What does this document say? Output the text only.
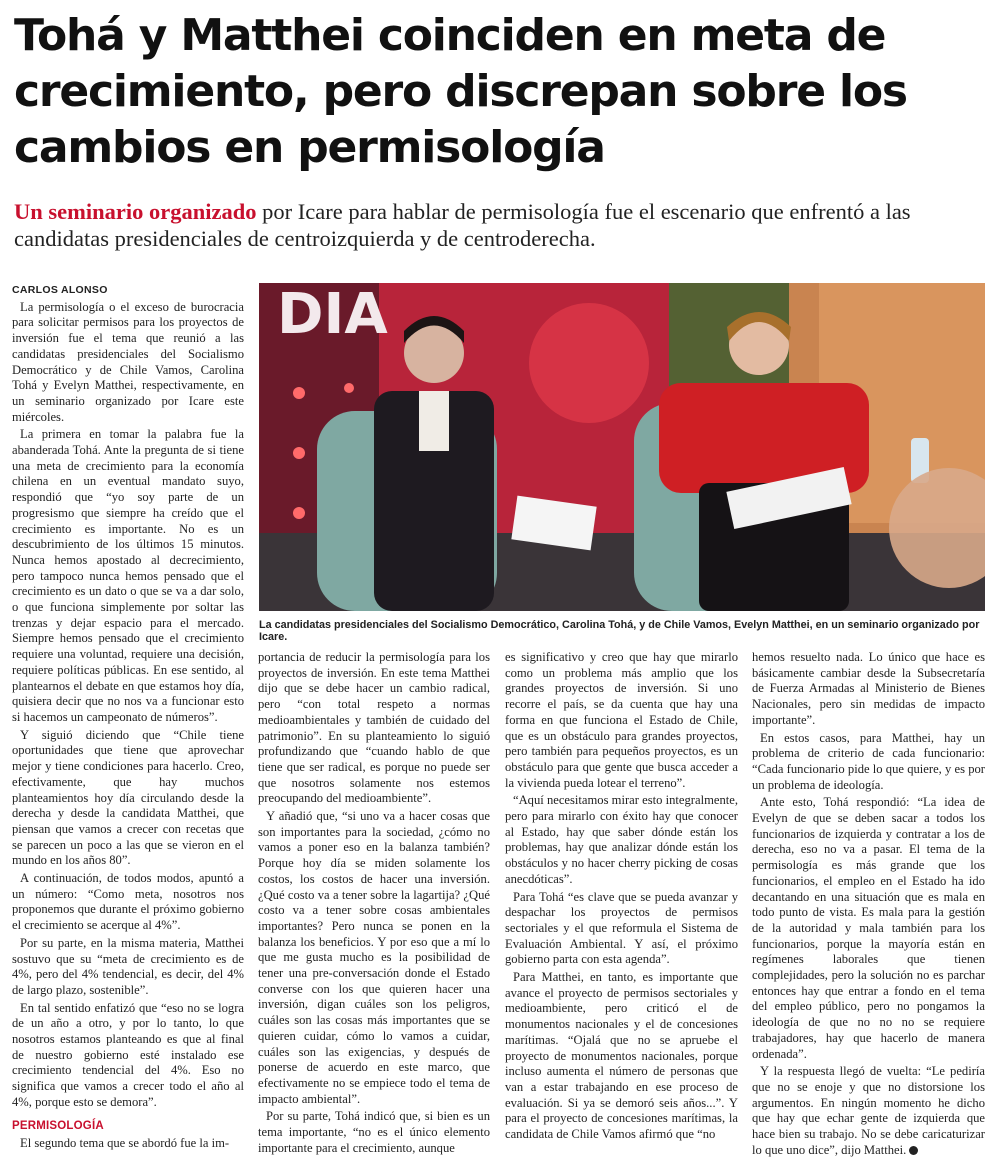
Tohá y Matthei coinciden en meta de crecimiento, pero discrepan sobre los cambios en permisología

Un seminario organizado por Icare para hablar de permisología fue el escenario que enfrentó a las candidatas presidenciales de centroizquierda y de centroderecha.

CARLOS ALONSO

La permisología o el exceso de burocracia para solicitar permisos para los proyectos de inversión fue el tema que reunió a las candidatas presidenciales del Socialismo Democrático y de Chile Vamos, Carolina Tohá y Evelyn Matthei, respectivamente, en un seminario organizado por Icare este miércoles.

La primera en tomar la palabra fue la abanderada Tohá. Ante la pregunta de si tiene una meta de crecimiento para la economía chilena en un eventual mandato suyo, respondió que “yo soy parte de un progresismo que siempre ha creído que el crecimiento es importante. No es un descubrimiento de los últimos 15 minutos. Nunca hemos apostado al decrecimiento, pero tampoco nunca hemos pensado que el crecimiento es un dato o que se va a dar solo, o que funciona simplemente por soltar las trenzas y dejar espacio para el mercado. Siempre hemos pensado que el crecimiento requiere una voluntad, requiere una decisión, requiere políticas públicas. En ese sentido, al plantearnos el debate en que estamos hoy día, quisiera decir que no nos va a funcionar esto si hacemos un campeonato de números”.

Y siguió diciendo que “Chile tiene oportunidades que tiene que aprovechar mejor y tiene condiciones para hacerlo. Creo, efectivamente, que hay muchos planteamientos hoy día circulando desde la derecha y desde la candidata Matthei, que piensan que vamos a crecer con recetas que se parecen un poco a las que se vieron en el mundo en los años 80”.

A continuación, de todos modos, apuntó a un número: “Como meta, nosotros nos proponemos que durante el próximo gobierno el crecimiento se acerque al 4%”.

Por su parte, en la misma materia, Matthei sostuvo que su “meta de crecimiento es de 4%, pero del 4% tendencial, es decir, del 4% de largo plazo, sostenible”.

En tal sentido enfatizó que “eso no se logra de un año a otro, y por lo tanto, lo que nosotros estamos planteando es que al final de nuestro gobierno esté instalado ese crecimiento tendencial del 4%. Eso no significa que vamos a crecer todo el año al 4%, porque esto se demora”.

PERMISOLOGÍA

El segundo tema que se abordó fue la im-

DIA

La candidatas presidenciales del Socialismo Democrático, Carolina Tohá, y de Chile Vamos, Evelyn Matthei, en un seminario organizado por Icare.

portancia de reducir la permisología para los proyectos de inversión. En este tema Matthei dijo que se debe hacer un cambio radical, pero “con total respeto a normas medioambientales y también de cuidado del patrimonio”. En su planteamiento lo siguió profundizando que “cuando hablo de que tiene que ser radical, es porque no puede ser que nosotros solamente nos estemos preocupando del medioambiente”.

Y añadió que, “si uno va a hacer cosas que son importantes para la sociedad, ¿cómo no vamos a poner eso en la balanza también? Porque hoy día se miden solamente los costos, los costos de hacer una inversión. ¿Qué costo va a tener sobre la lagartija? ¿Qué costo va a tener sobre cosas ambientales importantes? Pero nunca se ponen en la balanza los beneficios. Y por eso que a mí lo que me gusta mucho es la posibilidad de tener una pre-conversación donde el Estado converse con los que quieren hacer una inversión, digan cuáles son los peligros, cuáles son las cosas más importantes que se quieren cuidar, cómo lo vamos a cuidar, cuáles son las exigencias, y después de ponerse de acuerdo en este marco, que efectivamente no se empiece todo el tema de impacto ambiental”.

Por su parte, Tohá indicó que, si bien es un tema importante, “no es el único elemento importante para el crecimiento, aunque

es significativo y creo que hay que mirarlo como un problema más amplio que los grandes proyectos de inversión. Si uno recorre el país, se da cuenta que hay una forma en que funciona el Estado de Chile, que es un obstáculo para grandes proyectos, pero también para pequeños proyectos, es un obstáculo para que gente que busca acceder a la vivienda pueda lotear el terreno”.

“Aquí necesitamos mirar esto integralmente, pero para mirarlo con éxito hay que conocer al Estado, hay que saber dónde están los problemas, hay que analizar dónde están los obstáculos y no hacer cherry picking de cosas anecdóticas”.

Para Tohá “es clave que se pueda avanzar y despachar los proyectos de permisos sectoriales y el que reformula el Sistema de Evaluación Ambiental. Y así, el próximo gobierno parta con esta agenda”.

Para Matthei, en tanto, es importante que avance el proyecto de permisos sectoriales y medioambiente, pero criticó el de monumentos nacionales y el de concesiones marítimas. “Ojalá que no se apruebe el proyecto de monumentos nacionales, porque incluso aumenta el número de personas que van a estar trabajando en ese proceso de evaluación. Si ya se demoró seis años...”. Y para el proyecto de concesiones marítimas, la candidata de Chile Vamos afirmó que “no

hemos resuelto nada. Lo único que hace es básicamente cambiar desde la Subsecretaría de Fuerza Armadas al Ministerio de Bienes Nacionales, pero sin medidas de impacto importante”.

En estos casos, para Matthei, hay un problema de criterio de cada funcionario: “Cada funcionario pide lo que quiere, y es por un problema de ideología.

Ante esto, Tohá respondió: “La idea de Evelyn de que se deben sacar a todos los funcionarios de izquierda y contratar a los de derecha, eso no va a pasar. El tema de la permisología es más grande que los funcionarios, el empleo en el Estado ha ido decantando en una situación que es mala en todo punto de vista. Es mala para la gestión de la autoridad y mala también para los funcionarios, porque la mayoría están en regímenes laborales que tienen complejidades, pero la solución no es parchar entonces hay que entrar a fondo en el tema del empleo público, pero no pongamos la ideología de que no no no se requiere trabajadores, hay que hacerlo de manera ordenada”.

Y la respuesta llegó de vuelta: “Le pediría que no se enoje y que no distorsione los argumentos. En ningún momento he dicho que hay que echar gente de izquierda que hace bien su trabajo. No se debe caricaturizar lo que uno dice”, dijo Matthei.
